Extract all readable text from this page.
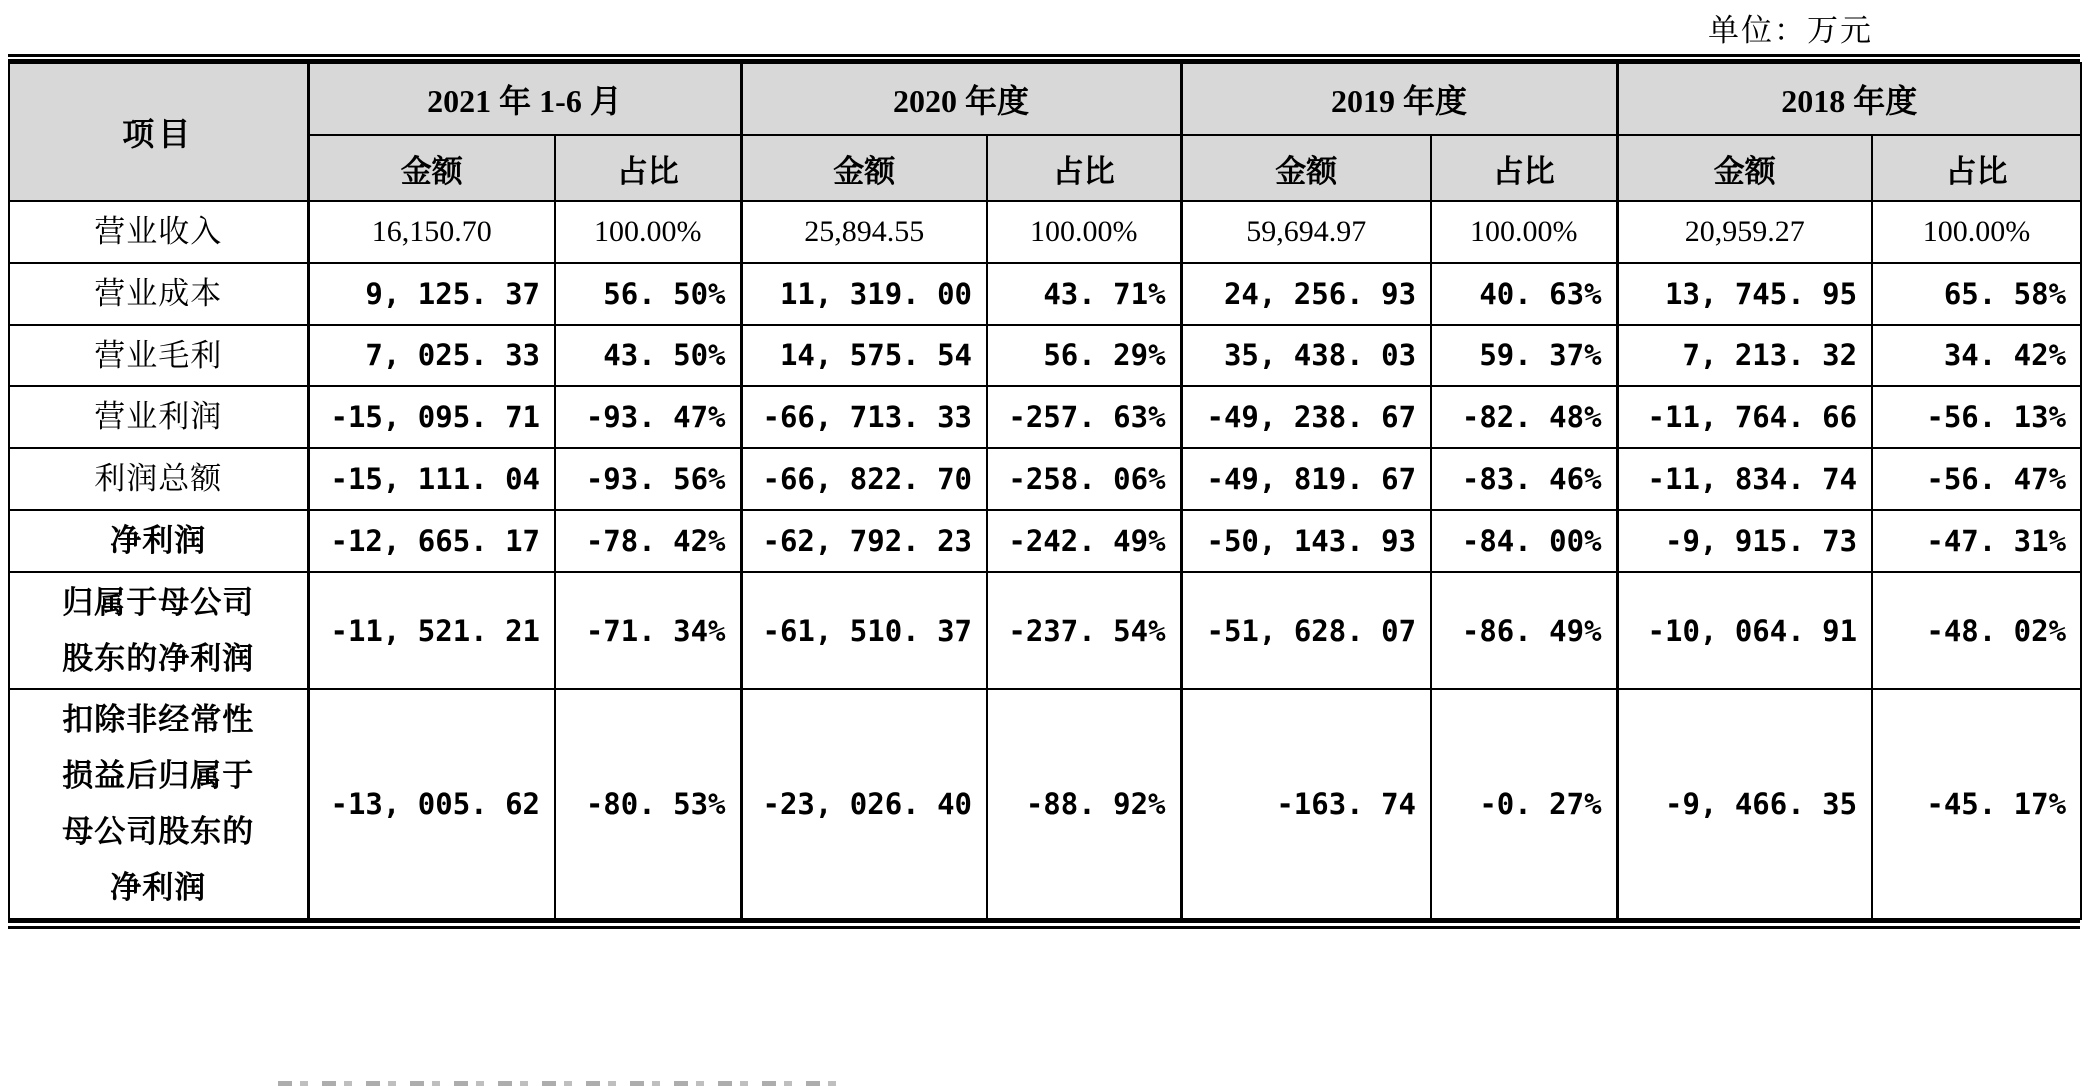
单位：万元
项目	2021 年 1-6 月		2020 年度		2019 年度		2018 年度	
	金额	占比	金额	占比	金额	占比	金额	占比
营业收入	16,150.70	100.00%	25,894.55	100.00%	59,694.97	100.00%	20,959.27	100.00%
营业成本	9, 125. 37	56. 50%	11, 319. 00	43. 71%	24, 256. 93	40. 63%	13, 745. 95	65. 58%
营业毛利	7, 025. 33	43. 50%	14, 575. 54	56. 29%	35, 438. 03	59. 37%	7, 213. 32	34. 42%
营业利润	-15, 095. 71	-93. 47%	-66, 713. 33	-257. 63%	-49, 238. 67	-82. 48%	-11, 764. 66	-56. 13%
利润总额	-15, 111. 04	-93. 56%	-66, 822. 70	-258. 06%	-49, 819. 67	-83. 46%	-11, 834. 74	-56. 47%
净利润	-12, 665. 17	-78. 42%	-62, 792. 23	-242. 49%	-50, 143. 93	-84. 00%	-9, 915. 73	-47. 31%
归属于母公司
股东的净利润	-11, 521. 21	-71. 34%	-61, 510. 37	-237. 54%	-51, 628. 07	-86. 49%	-10, 064. 91	-48. 02%
扣除非经常性
损益后归属于
母公司股东的
净利润	-13, 005. 62	-80. 53%	-23, 026. 40	-88. 92%	-163. 74	-0. 27%	-9, 466. 35	-45. 17%
